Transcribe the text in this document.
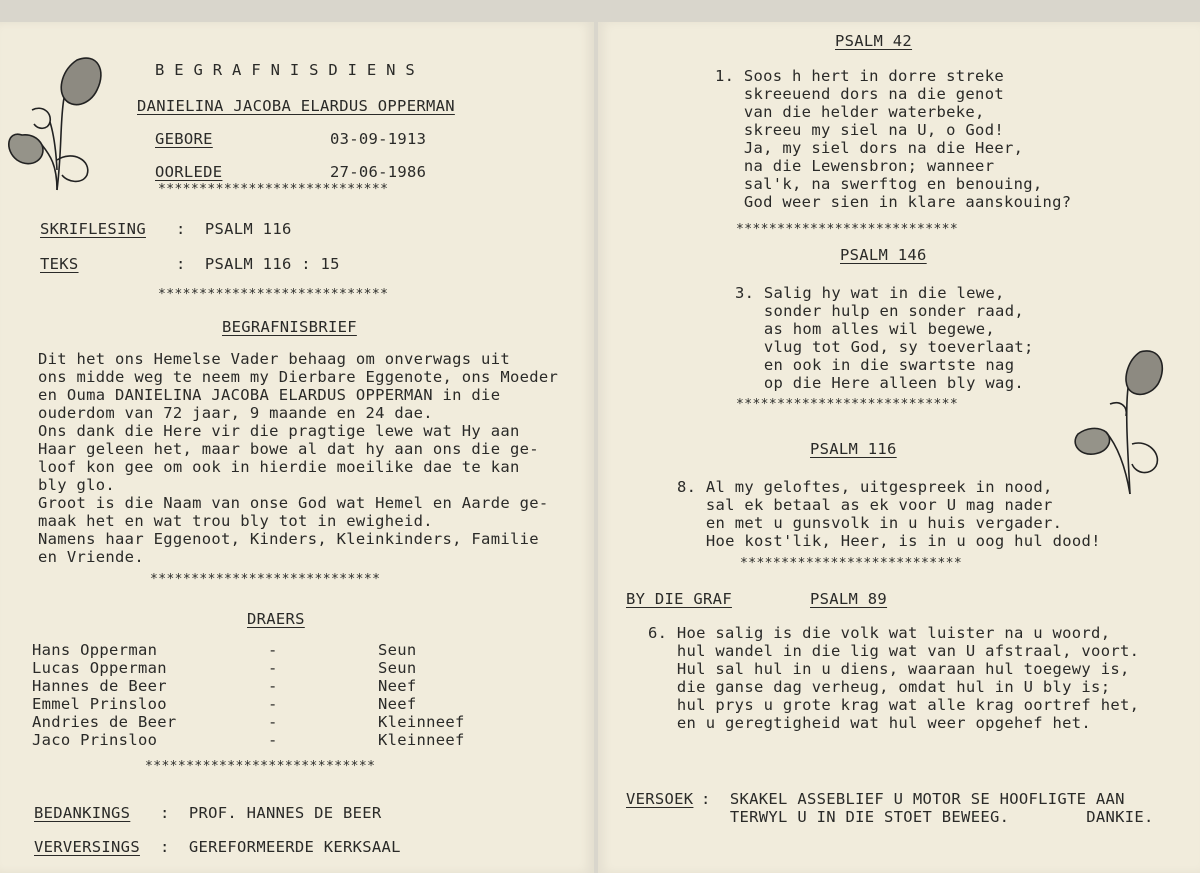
B E G R A F N I S D I E N S
DANIELINA JACOBA ELARDUS OPPERMAN
GEBORE	03-09-1913
OORLEDE	27-06-1986
****************************
SKRIFLESING :  PSALM 116
TEKS	:  PSALM 116 : 15
****************************
BEGRAFNISBRIEF
Dit het ons Hemelse Vader behaag om onverwags uit
ons midde weg te neem my Dierbare Eggenote, ons Moeder
en Ouma DANIELINA JACOBA ELARDUS OPPERMAN in die
ouderdom van 72 jaar, 9 maande en 24 dae.
Ons dank die Here vir die pragtige lewe wat Hy aan
Haar geleen het, maar bowe al dat hy aan ons die ge-
loof kon gee om ook in hierdie moeilike dae te kan
bly glo.
Groot is die Naam van onse God wat Hemel en Aarde ge-
maak het en wat trou bly tot in ewigheid.
Namens haar Eggenoot, Kinders, Kleinkinders, Familie
en Vriende.
****************************
DRAERS
Hans Opperman	-	Seun
Lucas Opperman	-	Seun
Hannes de Beer	-	Neef
Emmel Prinsloo	-	Neef
Andries de Beer	-	Kleinneef
Jaco Prinsloo	-	Kleinneef
****************************
BEDANKINGS :  PROF. HANNES DE BEER
VERVERSINGS :  GEREFORMEERDE KERKSAAL
PSALM 42
1. Soos h hert in dorre streke
skreeuend dors na die genot
van die helder waterbeke,
skreeu my siel na U, o God!
Ja, my siel dors na die Heer,
na die Lewensbron; wanneer
sal'k, na swerftog en benouing,
God weer sien in klare aanskouing?
***************************
PSALM 146
3. Salig hy wat in die lewe,
sonder hulp en sonder raad,
as hom alles wil begewe,
vlug tot God, sy toeverlaat;
en ook in die swartste nag
op die Here alleen bly wag.
***************************
PSALM 116
8. Al my geloftes, uitgespreek in nood,
sal ek betaal as ek voor U mag nader
en met u gunsvolk in u huis vergader.
Hoe kost'lik, Heer, is in u oog hul dood!
***************************
BY DIE GRAF	PSALM 89
6. Hoe salig is die volk wat luister na u woord,
hul wandel in die lig wat van U afstraal, voort.
Hul sal hul in u diens, waaraan hul toegewy is,
die ganse dag verheug, omdat hul in U bly is;
hul prys u grote krag wat alle krag oortref het,
en u geregtigheid wat hul weer opgehef het.
VERSOEK :  SKAKEL ASSEBLIEF U MOTOR SE HOOFLIGTE AAN
TERWYL U IN DIE STOET BEWEEG.        DANKIE.
